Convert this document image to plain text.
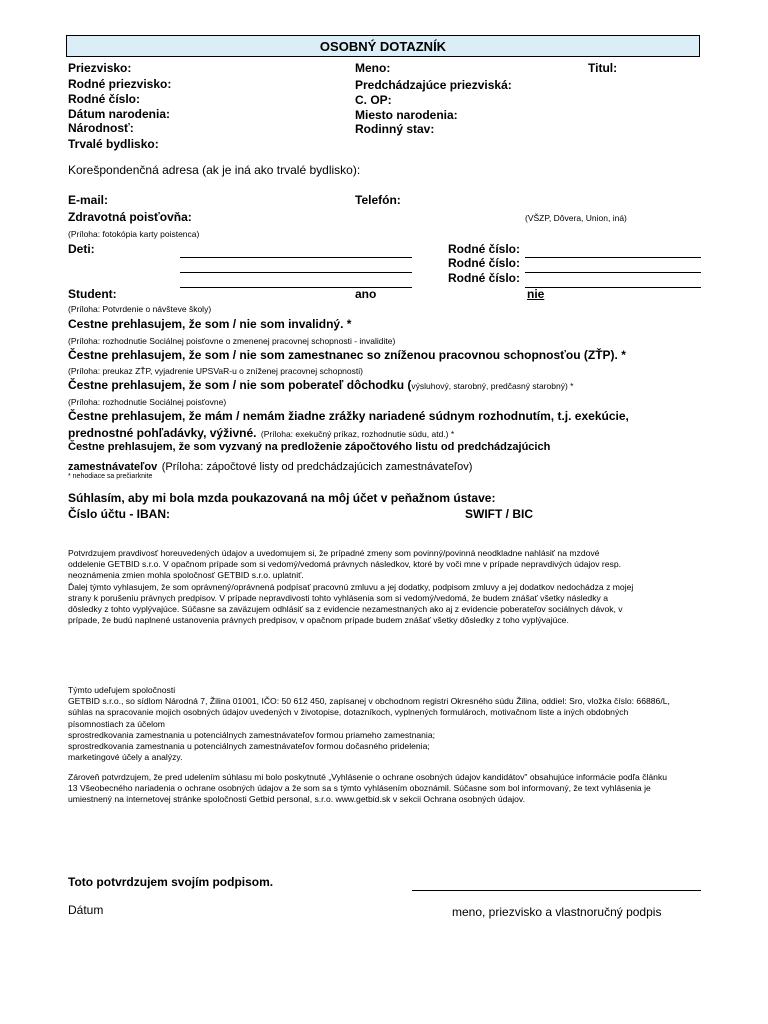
OSOBNÝ DOTAZNÍK
Priezvisko:	Meno:	Titul:
Rodné priezvisko:	Predchádzajúce priezviská:
Rodné číslo:	C. OP:
Dátum narodenia:	Miesto narodenia:
Národnosť:	Rodinný stav:
Trvalé bydlisko:
Korešpondenčná adresa (ak je iná ako trvalé bydlisko):
E-mail:	Telefón:
Zdravotná poisťovňa:	(VŠZP, Dôvera, Union, iná)
(Príloha: fotokópia karty poistenca)
Deti:	Rodné číslo:
Rodné číslo:
Rodné číslo:
Student:	ano	nie
(Príloha: Potvrdenie o návšteve školy)
Cestne prehlasujem, že som / nie som invalidný. *
(Príloha: rozhodnutie Sociálnej poisťovne o zmenenej pracovnej schopnosti - invalidite)
Čestne prehlasujem, že som / nie som zamestnanec so zníženou pracovnou schopnosťou (ZŤP). *
(Príloha: preukaz ZŤP, vyjadrenie UPSVaR-u o zníženej pracovnej schopnosti)
Čestne prehlasujem, že som / nie som poberateľ dôchodku (výsluhový, starobný, predčasný starobný) *
(Príloha: rozhodnutie Sociálnej poisťovne)
Čestne prehlasujem, že mám / nemám žiadne zrážky nariadené súdnym rozhodnutím, t.j. exekúcie,
prednostné pohľadávky, výživné. (Príloha: exekučný príkaz, rozhodnutie súdu, atd.) *
Čestne prehlasujem, že som vyzvaný na predloženie zápočtového listu od predchádzajúcich
zamestnávateľov (Príloha: zápočtové listy od predchádzajúcich zamestnávateľov)
* nehodiace sa prečiarknite
Súhlasím, aby mi bola mzda poukazovaná na môj účet v peňažnom ústave:
Číslo účtu - IBAN:	SWIFT / BIC
Potvrdzujem pravdivosť horeuvedených údajov a uvedomujem si, že prípadné zmeny som povinný/povinná neodkladne nahlásiť na mzdové
oddelenie GETBID s.r.o. V opačnom prípade som si vedomý/vedomá právnych následkov, ktoré by voči mne v prípade nepravdivých údajov resp.
neoznámenia zmien mohla spoločnosť GETBID s.r.o. uplatniť.
Ďalej týmto vyhlasujem, že som oprávnený/oprávnená podpísať pracovnú zmluvu a jej dodatky, podpisom zmluvy a jej dodatkov nedochádza z mojej
strany k porušeniu právnych predpisov. V prípade nepravdivosti tohto vyhlásenia som si vedomý/vedomá, že budem znášať všetky následky a
dôsledky z tohto vyplývajúce. Súčasne sa zaväzujem odhlásiť sa z evidencie nezamestnaných ako aj z evidencie poberateľov sociálnych dávok, v
prípade, že budú naplnené ustanovenia právnych predpisov, v opačnom prípade budem znášať všetky dôsledky z toho vyplývajúce.
Týmto udeľujem spoločnosti
GETBID s.r.o., so sídlom Národná 7, Žilina 01001, IČO: 50 612 450, zapísanej v obchodnom registri Okresného súdu Žilina, oddiel: Sro, vložka číslo: 66886/L,
súhlas na spracovanie mojich osobných údajov uvedených v životopise, dotazníkoch, vyplnených formulároch, motivačnom liste a iných obdobných
písomnostiach za účelom
sprostredkovania zamestnania u potenciálnych zamestnávateľov formou priameho zamestnania;
sprostredkovania zamestnania u potenciálnych zamestnávateľov formou dočasného pridelenia;
marketingové účely a analýzy.
Zároveň potvrdzujem, že pred udelením súhlasu mi bolo poskytnuté „Vyhlásenie o ochrane osobných údajov kandidátov" obsahujúce informácie podľa článku
13 Všeobecného nariadenia o ochrane osobných údajov a že som sa s týmto vyhlásením oboznámil. Súčasne som bol informovaný, že text vyhlásenia je
umiestnený na internetovej stránke spoločnosti Getbid personal, s.r.o. www.getbid.sk v sekcii Ochrana osobných údajov.
Toto potvrdzujem svojím podpisom.
Dátum	meno, priezvisko a vlastnoručný podpis
